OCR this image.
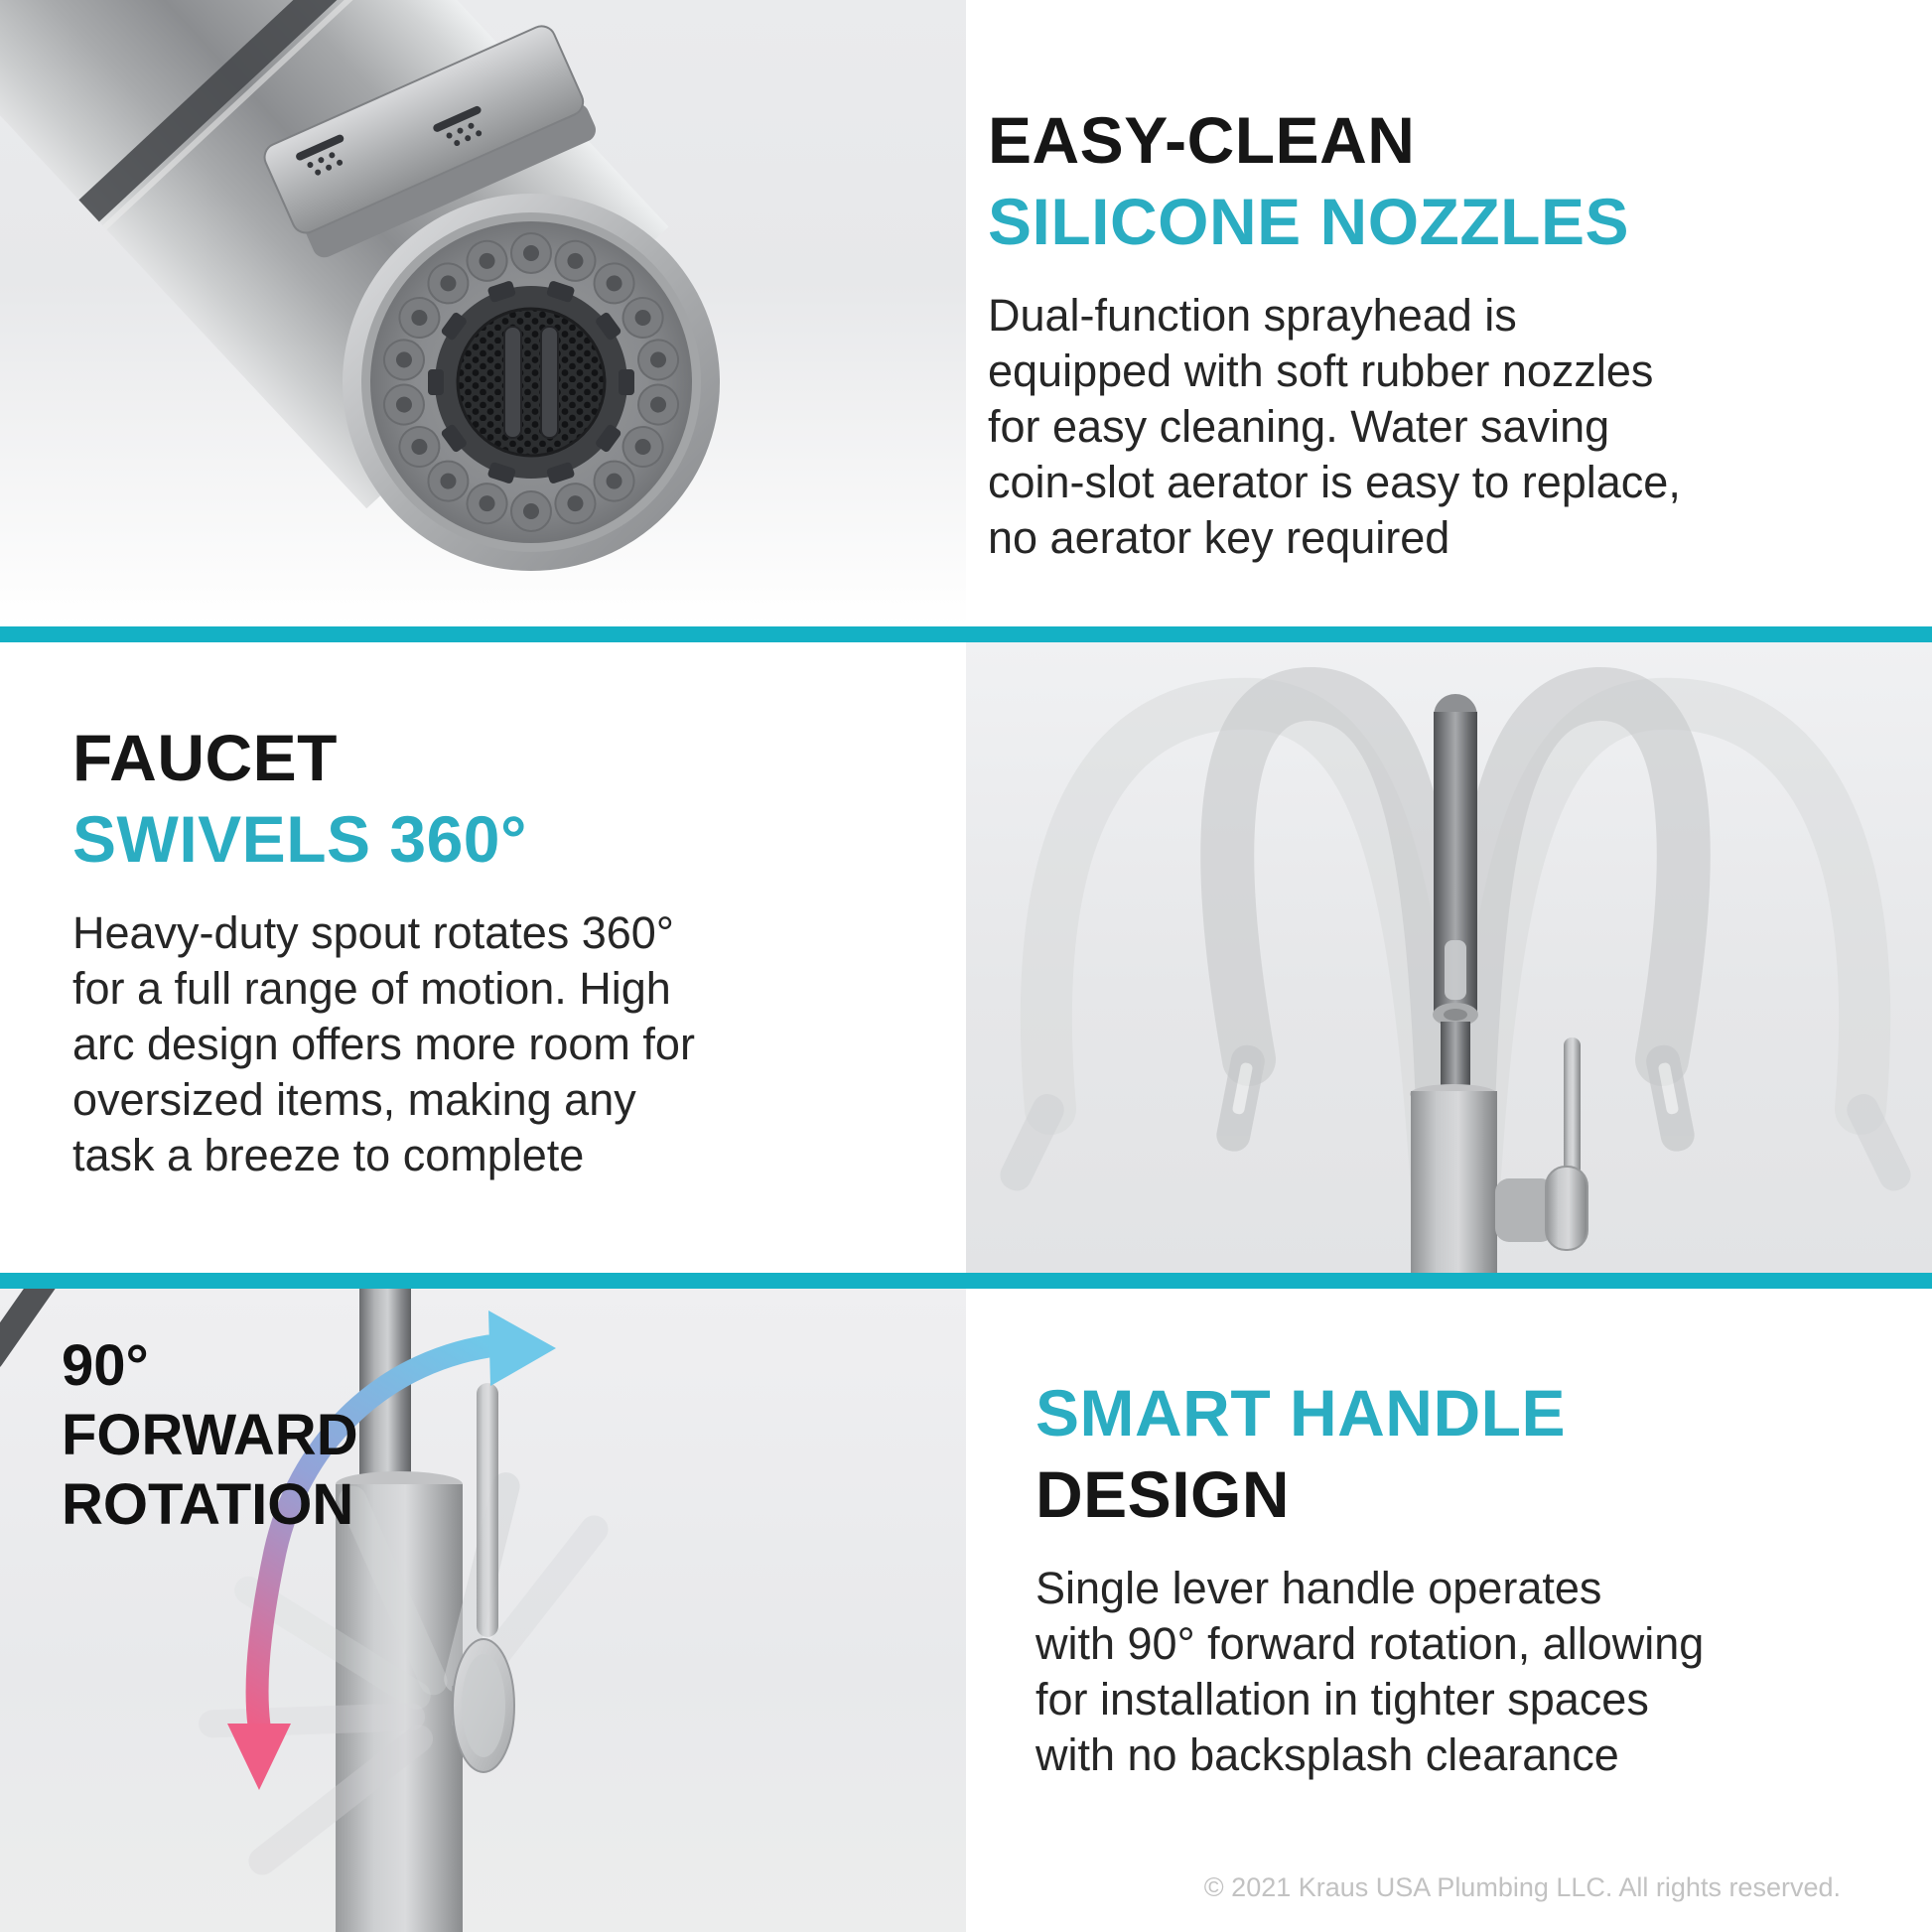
EASY-CLEAN
SILICONE NOZZLES
Dual-function sprayhead is
equipped with soft rubber nozzles
for easy cleaning. Water saving
coin-slot aerator is easy to replace,
no aerator key required
FAUCET
SWIVELS 360°
Heavy-duty spout rotates 360°
for a full range of motion. High
arc design offers more room for
oversized items, making any
task a breeze to complete
90°
FORWARD
ROTATION
SMART HANDLE
DESIGN
Single lever handle operates
with 90° forward rotation, allowing
for installation in tighter spaces
with no backsplash clearance
© 2021 Kraus USA Plumbing LLC. All rights reserved.
